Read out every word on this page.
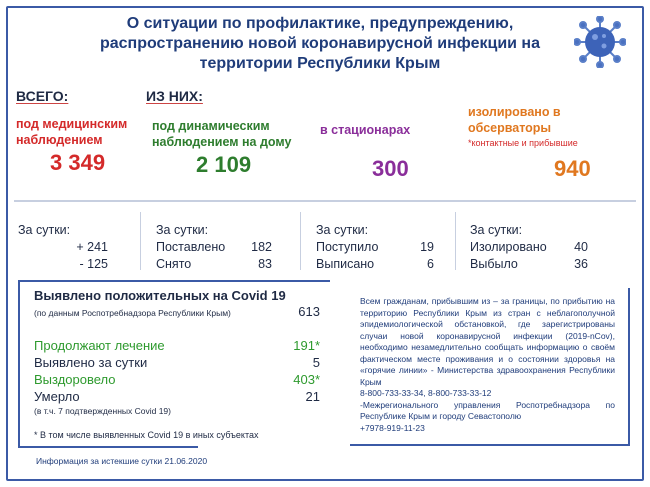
О ситуации по профилактике, предупреждению, распространению новой коронавирусной инфекции на территории Республики Крым
ВСЕГО:	ИЗ НИХ:
под медицинским наблюдением
под динамическим наблюдением на дому
в стационарах
изолировано в обсерваторы
*контактные и прибывшие
3 349	2 109	300	940
За сутки:
+ 241
- 125
За сутки:
Поставлено 182
Снято	83
За сутки:
Поступило	19
Выписано	6
За сутки:
Изолировано 40
Выбыло	36
Выявлено положительных на Covid 19
(по данным Роспотребнадзора Республики Крым)	613
Продолжают лечение	191*
Выявлено за сутки	5
Выздоровело	403*
Умерло	21
(в т.ч. 7 подтвержденных Covid 19)
* В том числе выявленных Covid 19 в иных субъектах
Всем гражданам, прибывшим из – за границы, по прибытию на территорию Республики Крым из стран с неблагополучной эпидемиологической обстановкой, где зарегистрированы случаи новой коронавирусной инфекции (2019-nCov), необходимо незамедлительно сообщать информацию о своём фактическом месте проживания и о состоянии здоровья на «горячие линии» - Министерства здравоохранения Республики Крым
8-800-733-33-34, 8-800-733-33-12
-Межрегионального управления Роспотребнадзора по Республике Крым и городу Севастополю
+7978-919-11-23
Информация за истекшие сутки 21.06.2020
